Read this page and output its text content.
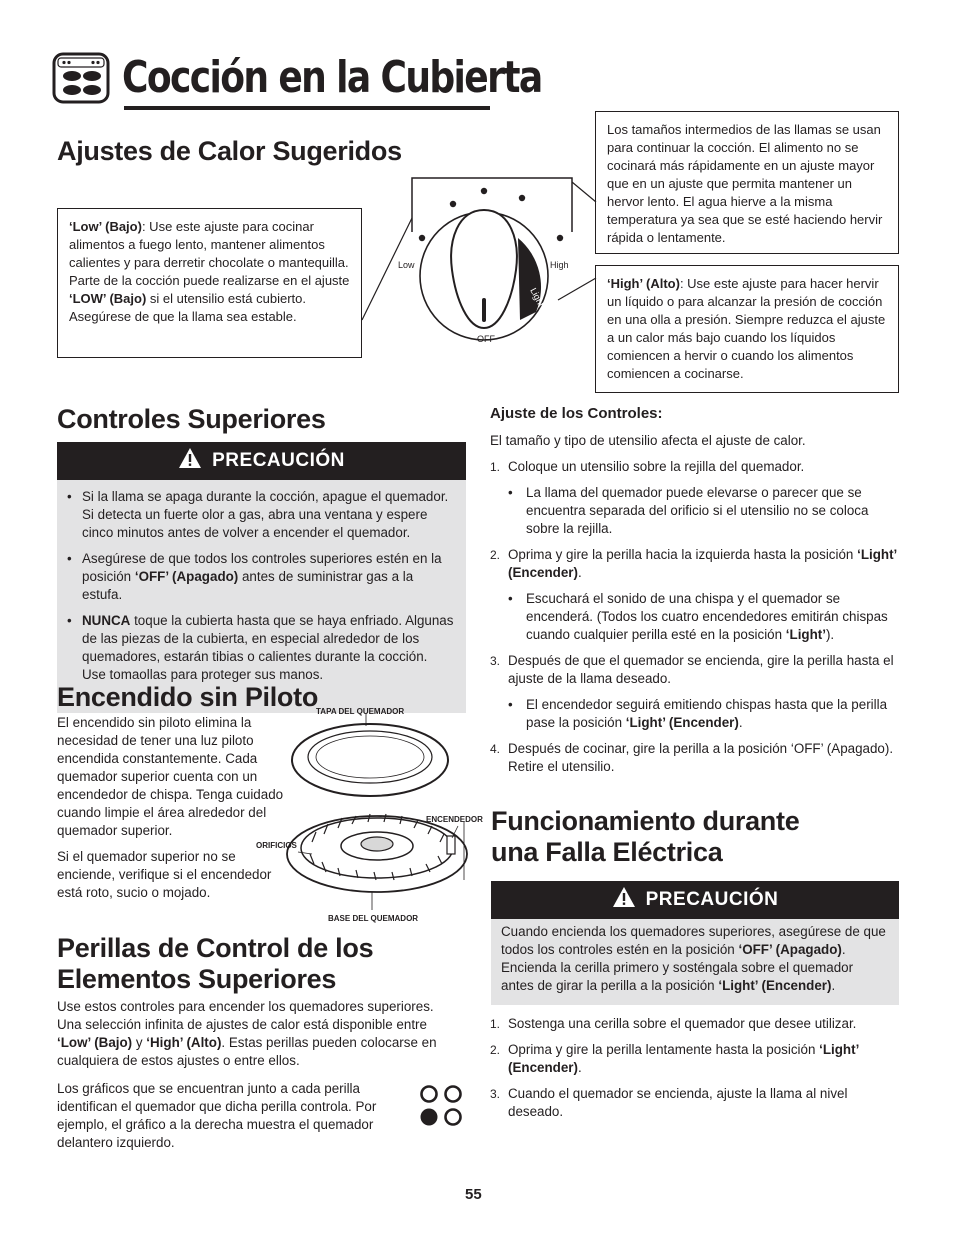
Cocción en la Cubierta
Ajustes de Calor Sugeridos
‘Low’ (Bajo): Use este ajuste para cocinar alimentos a fuego lento, mantener alimentos calientes y para derretir chocolate o mantequilla. Parte de la cocción puede realizarse en el ajuste ‘LOW’ (Bajo) si el utensilio está cubierto. Asegúrese de que la llama sea estable.
Los tamaños intermedios de las llamas se usan para continuar la cocción. El alimento no se cocinará más rápidamente en un ajuste mayor que en un ajuste que permita mantener un hervor lento. El agua hierve a la misma temperatura ya sea que se esté haciendo hervir rápida o lentamente.
‘High’ (Alto): Use este ajuste para hacer hervir un líquido o para alcanzar la presión de cocción en una olla a presión. Siempre reduzca el ajuste a un calor más bajo cuando los líquidos comiencen a hervir o cuando los alimentos comiencen a cocinarse.
OFF
Low	High
Light
Controles Superiores
PRECAUCIÓN
• Si la llama se apaga durante la cocción, apague el quemador. Si detecta un fuerte olor a gas, abra una ventana y espere cinco minutos antes de volver a encender el quemador.
• Asegúrese de que todos los controles superiores estén en la posición ‘OFF’ (Apagado) antes de suministrar gas a la estufa.
• NUNCA toque la cubierta hasta que se haya enfriado. Algunas de las piezas de la cubierta, en especial alrededor de los quemadores, estarán tibias o calientes durante la cocción. Use tomaollas para proteger sus manos.
Encendido sin Piloto

El encendido sin piloto elimina la necesidad de tener una luz piloto encendida constantemente. Cada quemador superior cuenta con un encendedor de chispa. Tenga cuidado cuando limpie el área alrededor del quemador superior.

Si el quemador superior no se enciende, verifique si el encendedor está roto, sucio o mojado.

TAPA DEL QUEMADOR
ENCENDEDOR
ORIFICIOS
BASE DEL QUEMADOR
Perillas de Control de los Elementos Superiores

Use estos controles para encender los quemadores superiores. Una selección infinita de ajustes de calor está disponible entre ‘Low’ (Bajo) y ‘High’ (Alto). Estas perillas pueden colocarse en cualquiera de estos ajustes o entre ellos.

Los gráficos que se encuentran junto a cada perilla identifican el quemador que dicha perilla controla. Por ejemplo, el gráfico a la derecha muestra el quemador delantero izquierdo.

Ajuste de los Controles:

El tamaño y tipo de utensilio afecta el ajuste de calor.

1. Coloque un utensilio sobre la rejilla del quemador.
• La llama del quemador puede elevarse o parecer que se encuentra separada del orificio si el utensilio no se coloca sobre la rejilla.
2. Oprima y gire la perilla hacia la izquierda hasta la posición ‘Light’ (Encender).
• Escuchará el sonido de una chispa y el quemador se encenderá. (Todos los cuatro encendedores emitirán chispas cuando cualquier perilla esté en la posición ‘Light’).
3. Después de que el quemador se encienda, gire la perilla hasta el ajuste de la llama deseado.
• El encendedor seguirá emitiendo chispas hasta que la perilla pase la posición ‘Light’ (Encender).
4. Después de cocinar, gire la perilla a la posición ‘OFF’ (Apagado). Retire el utensilio.
Funcionamiento durante
una Falla Eléctrica
PRECAUCIÓN
Cuando encienda los quemadores superiores, asegúrese de que todos los controles estén en la posición ‘OFF’ (Apagado). Encienda la cerilla primero y sosténgala sobre el quemador antes de girar la perilla a la posición ‘Light’ (Encender).
1. Sostenga una cerilla sobre el quemador que desee utilizar.
2. Oprima y gire la perilla lentamente hasta la posición ‘Light’ (Encender).
3. Cuando el quemador se encienda, ajuste la llama al nivel deseado.
55
